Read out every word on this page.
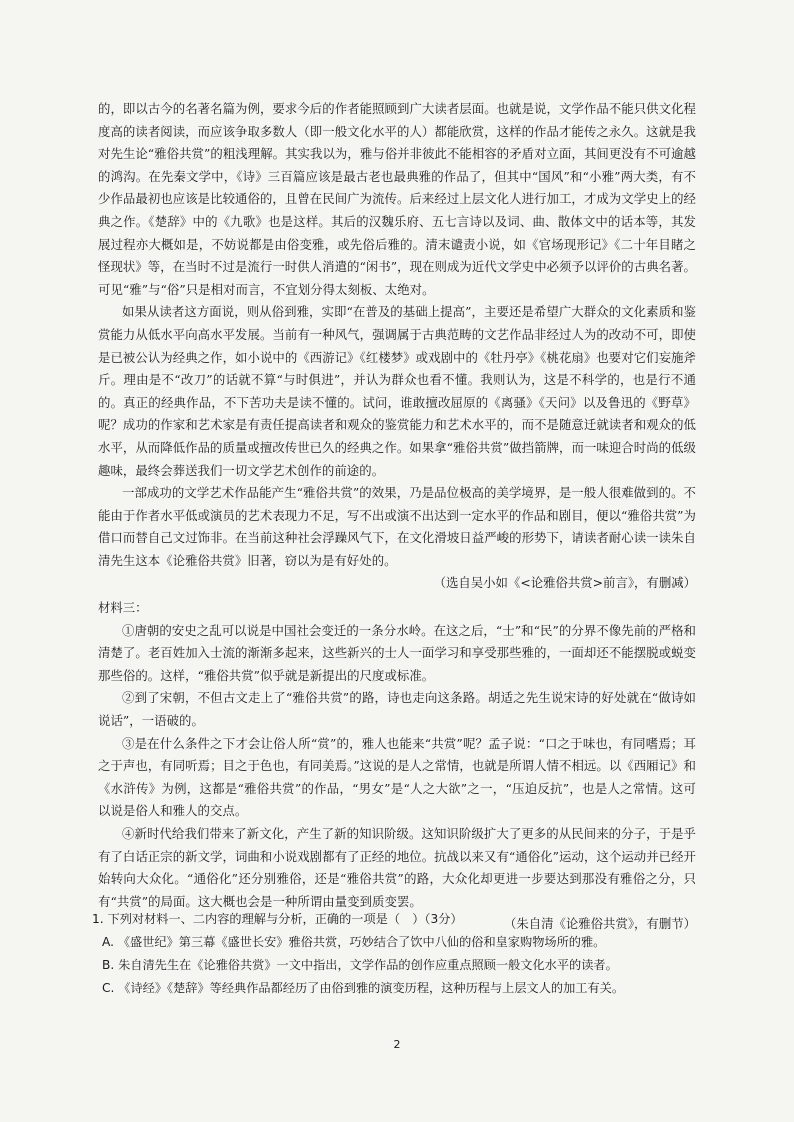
的，即以古今的名著名篇为例，要求今后的作者能照顾到广大读者层面。也就是说，文学作品不能只供文化程度高的读者阅读，而应该争取多数人（即一般文化水平的人）都能欣赏，这样的作品才能传之永久。这就是我对先生论“雅俗共赏”的粗浅理解。其实我以为，雅与俗并非彼此不能相容的矛盾对立面，其间更没有不可逾越的鸿沟。在先秦文学中，《诗》三百篇应该是最古老也最典雅的作品了，但其中“国风”和“小雅”两大类，有不少作品最初也应该是比较通俗的，且曾在民间广为流传。后来经过上层文化人进行加工，才成为文学史上的经典之作。《楚辞》中的《九歌》也是这样。其后的汉魏乐府、五七言诗以及词、曲、散体文中的话本等，其发展过程亦大概如是，不妨说都是由俗变雅，或先俗后雅的。清末谴责小说，如《官场现形记》《二十年目睹之怪现状》等，在当时不过是流行一时供人消遣的“闲书”，现在则成为近代文学史中必须予以评价的古典名著。可见“雅”与“俗”只是相对而言，不宜划分得太刻板、太绝对。

如果从读者这方面说，则从俗到雅，实即“在普及的基础上提高”，主要还是希望广大群众的文化素质和鉴赏能力从低水平向高水平发展。当前有一种风气，强调属于古典范畴的文艺作品非经过人为的改动不可，即使是已被公认为经典之作，如小说中的《西游记》《红楼梦》或戏剧中的《牡丹亭》《桃花扇》也要对它们妄施斧斤。理由是不“改刀”的话就不算“与时俱进”，并认为群众也看不懂。我则认为，这是不科学的，也是行不通的。真正的经典作品，不下苦功夫是读不懂的。试问，谁敢擅改屈原的《离骚》《天问》以及鲁迅的《野草》呢？成功的作家和艺术家是有责任提高读者和观众的鉴赏能力和艺术水平的，而不是随意迁就读者和观众的低水平，从而降低作品的质量或擅改传世已久的经典之作。如果拿“雅俗共赏”做挡箭牌，而一味迎合时尚的低级趣味，最终会葬送我们一切文学艺术创作的前途的。

一部成功的文学艺术作品能产生“雅俗共赏”的效果，乃是品位极高的美学境界，是一般人很难做到的。不能由于作者水平低或演员的艺术表现力不足，写不出或演不出达到一定水平的作品和剧目，便以“雅俗共赏”为借口而替自己文过饰非。在当前这种社会浮躁风气下，在文化滑坡日益严峻的形势下，请读者耐心读一读朱自清先生这本《论雅俗共赏》旧著，窃以为是有好处的。

（选自吴小如《<论雅俗共赏>前言》，有删减）

材料三：

①唐朝的安史之乱可以说是中国社会变迁的一条分水岭。在这之后，“士”和“民”的分界不像先前的严格和清楚了。老百姓加入士流的渐渐多起来，这些新兴的士人一面学习和享受那些雅的，一面却还不能摆脱或蜕变那些俗的。这样，“雅俗共赏”似乎就是新提出的尺度或标准。

②到了宋朝，不但古文走上了“雅俗共赏”的路，诗也走向这条路。胡适之先生说宋诗的好处就在“做诗如说话”，一语破的。

③是在什么条件之下才会让俗人所“赏”的，雅人也能来“共赏”呢？孟子说：“口之于味也，有同嗜焉；耳之于声也，有同听焉；目之于色也，有同美焉。”这说的是人之常情，也就是所谓人情不相远。以《西厢记》和《水浒传》为例，这都是“雅俗共赏”的作品，“男女”是“人之大欲”之一，“压迫反抗”，也是人之常情。这可以说是俗人和雅人的交点。

④新时代给我们带来了新文化，产生了新的知识阶级。这知识阶级扩大了更多的从民间来的分子，于是乎有了白话正宗的新文学，词曲和小说戏剧都有了正经的地位。抗战以来又有“通俗化”运动，这个运动并已经开始转向大众化。“通俗化”还分别雅俗，还是“雅俗共赏”的路，大众化却更进一步要达到那没有雅俗之分，只有“共赏”的局面。这大概也会是一种所谓由量变到质变罢。

（朱自清《论雅俗共赏》，有删节）

1. 下列对材料一、二内容的理解与分析，正确的一项是（　）（3分）

A. 《盛世纪》第三幕《盛世长安》雅俗共赏，巧妙结合了饮中八仙的俗和皇家购物场所的雅。

B. 朱自清先生在《论雅俗共赏》一文中指出，文学作品的创作应重点照顾一般文化水平的读者。

C. 《诗经》《楚辞》等经典作品都经历了由俗到雅的演变历程，这种历程与上层文人的加工有关。

2
